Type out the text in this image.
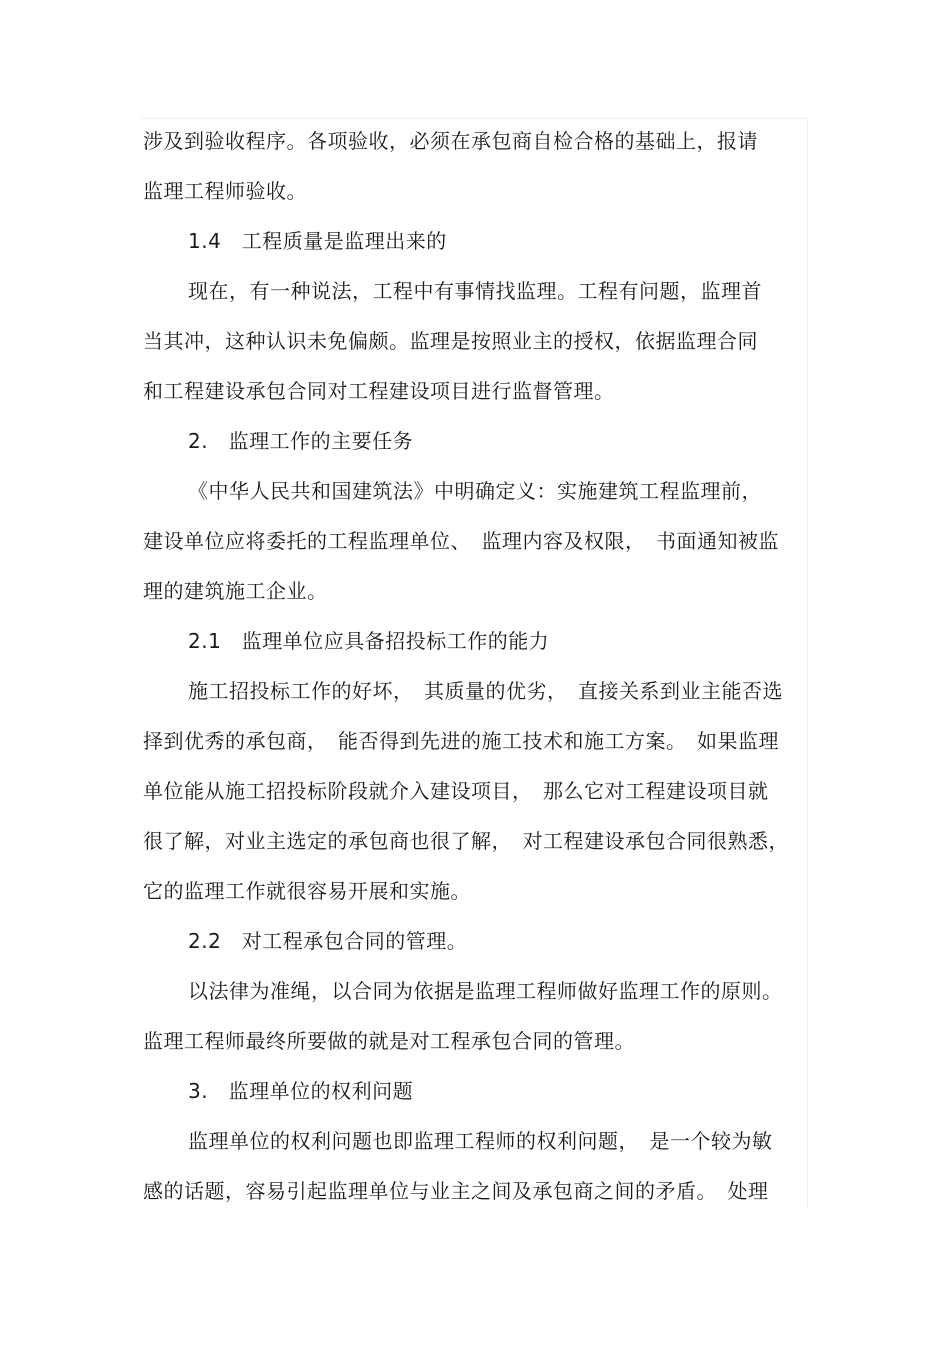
涉及到验收程序。各项验收，必须在承包商自检合格的基础上，报请
监理工程师验收。
1.4　工程质量是监理出来的
现在，有一种说法，工程中有事情找监理。工程有问题，监理首
当其冲，这种认识未免偏颇。监理是按照业主的授权，依据监理合同
和工程建设承包合同对工程建设项目进行监督管理。
2.　监理工作的主要任务
《中华人民共和国建筑法》中明确定义：实施建筑工程监理前，
建设单位应将委托的工程监理单位、　监理内容及权限，　书面通知被监
理的建筑施工企业。
2.1　监理单位应具备招投标工作的能力
施工招投标工作的好坏，　其质量的优劣，　直接关系到业主能否选
择到优秀的承包商，　能否得到先进的施工技术和施工方案。　如果监理
单位能从施工招投标阶段就介入建设项目，　那么它对工程建设项目就
很了解，对业主选定的承包商也很了解，　对工程建设承包合同很熟悉，
它的监理工作就很容易开展和实施。
2.2　对工程承包合同的管理。
以法律为准绳，以合同为依据是监理工程师做好监理工作的原则。
监理工程师最终所要做的就是对工程承包合同的管理。
3.　监理单位的权利问题
监理单位的权利问题也即监理工程师的权利问题，　是一个较为敏
感的话题，容易引起监理单位与业主之间及承包商之间的矛盾。　处理
